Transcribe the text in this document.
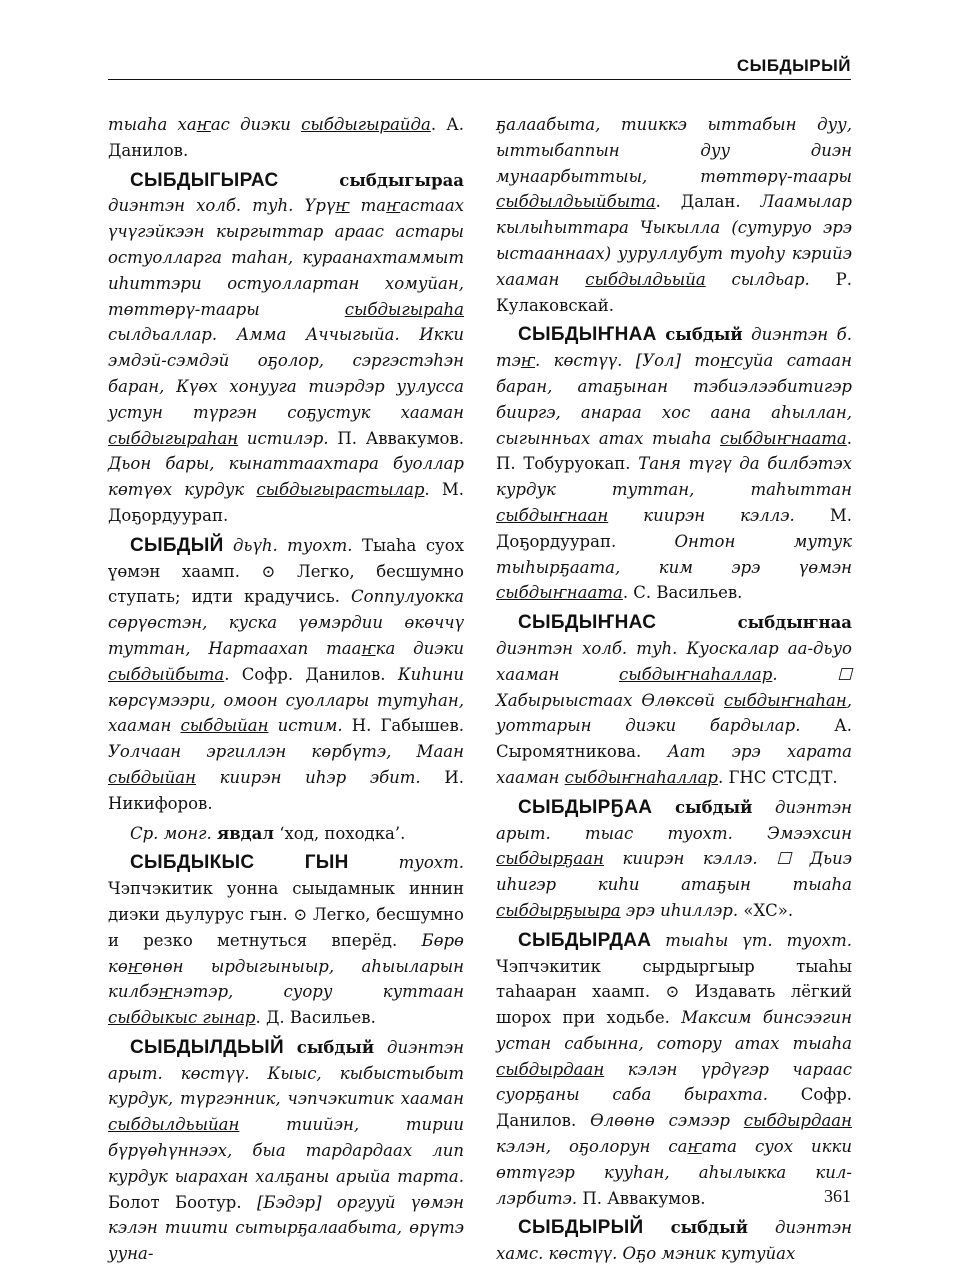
СЫБДЫРЫЙ

тыаһа хаҥас диэки сыбдыгырайда. А. Данилов.

СЫБДЫГЫРАС	сыбдыгыраа диэнтэн холб. туһ. Үрүҥ таҥастаах үчүгэйкээн кыргыттар араас астары остуолларга таһан, кураанахтаммыт иһиттэри остуоллартан хомуйан, төттөрү-таары сыбдыгыраһа сылдьаллар. Амма Аччыгыйа. Икки эмдэй-сэмдэй оҕолор, сэргэстэһэн баран, Күөх хонууга тиэрдэр уулусса устун түргэн соҕустук хааман сыбдыгыраһан истилэр. П. Аввакумов. Дьон бары, кынаттаахтара буоллар көтүөх курдук сыбдыгырастылар. М. Доҕордуурап.

СЫБДЫЙ дьүһ. туохт. Тыаһа суох үөмэн хаамп. ⊙ Легко, бесшумно ступать; идти крадучись. Соппулуокка сөрүөстэн, куска үөмэрдии өкөччү туттан, Нартаахап тааҥка диэки сыбдыйбыта. Софр. Данилов. Киһини көрсүмээри, омоон суоллары тутуһан, хааман сыбдыйан истим. Н. Габышев. Уолчаан эргиллэн көрбүтэ, Маан сыбдыйан киирэн иһэр эбит. И. Никифоров.

Ср. монг. явдал ‘ход, походка’.

СЫБДЫКЫС ГЫН туохт. Чэпчэкитик уонна сыыдамнык иннин диэки дьулурус гын. ⊙ Легко, бесшумно и резко метнуться вперёд. Бөрө көҥөнөн ырдыгыныыр, аһыыларын килбэҥнэтэр, суору куттаан сыбдыкыс гынар. Д. Васильев.

СЫБДЫЛДЬЫЙ сыбдый диэнтэн арыт. көстүү. Кыыс, кыбыстыбыт курдук, түргэнник, чэпчэкитик хааман сыбдылдьыйан тиийэн, тирии бүрүөһүннээх, быа тардардаах лип курдук ыарахан халҕаны арыйа тарта. Болот Боотур. [Бэдэр] оргууй үөмэн кэлэн тиити сытырҕалаабыта, өрүтэ ууна-

ҕалаабыта, тииккэ ыттабын дуу, ыттыбаппын дуу диэн мунаарбыттыы, төттөрү-таары сыбдылдьыйбыта. Далан. Лаамылар кылыһыттара Чыкылла (сутуруо эрэ ыстааннаах) ууруллубут туоһу кэрийэ хааман сыбдылдьыйа сылдьар. Р. Кулаковскай.

СЫБДЫҤНАА сыбдый диэнтэн б. тэҥ. көстүү. [Уол] тоҥсуйа сатаан баран, атаҕынан тэбиэлээбитигэр бииргэ, анараа хос аана аһыллан, сыгынньах атах тыаһа сыбдыҥнаата. П. Тобуруокап. Таня түгү да билбэтэх курдук туттан, таһыттан сыбдыҥнаан киирэн кэллэ. М. Доҕордуурап. Онтон мутук тыһырҕаата, ким эрэ үөмэн сыбдыҥнаата. С. Васильев.

СЫБДЫҤНАС	сыбдыҥнаа диэнтэн холб. туһ. Куоскалар аа-дьуо хааман сыбдыҥнаһаллар. ☐ Хабырыыстаах Өлөксөй сыбдыҥнаһан, уоттарын диэки бардылар. А. Сыромятникова. Аат эрэ харата хааман сыбдыҥнаһаллар. ГНС СТСДТ.

СЫБДЫРҔАА сыбдый диэнтэн арыт. тыас туохт. Эмээхсин сыбдырҕаан киирэн кэллэ. ☐ Дьиэ иһигэр киһи атаҕын тыаһа сыбдырҕыыра эрэ иһиллэр. «ХС».

СЫБДЫРДАА тыаһы үт. туохт. Чэпчэкитик сырдыргыыр тыаһы таһааран хаамп. ⊙ Издавать лёгкий шорох при ходьбе. Максим бинсээгин устан сабынна, сотору атах тыаһа сыбдырдаан кэлэн үрдүгэр чараас суорҕаны саба бырахта. Софр. Данилов. Өлөөнө сэмээр сыбдырдаан кэлэн, оҕолорун саҥата суох икки өттүгэр кууһан, аһылыкка киллэрбитэ. П. Аввакумов.

СЫБДЫРЫЙ сыбдый диэнтэн хамс. көстүү. Оҕо мэник кутуйах

361
